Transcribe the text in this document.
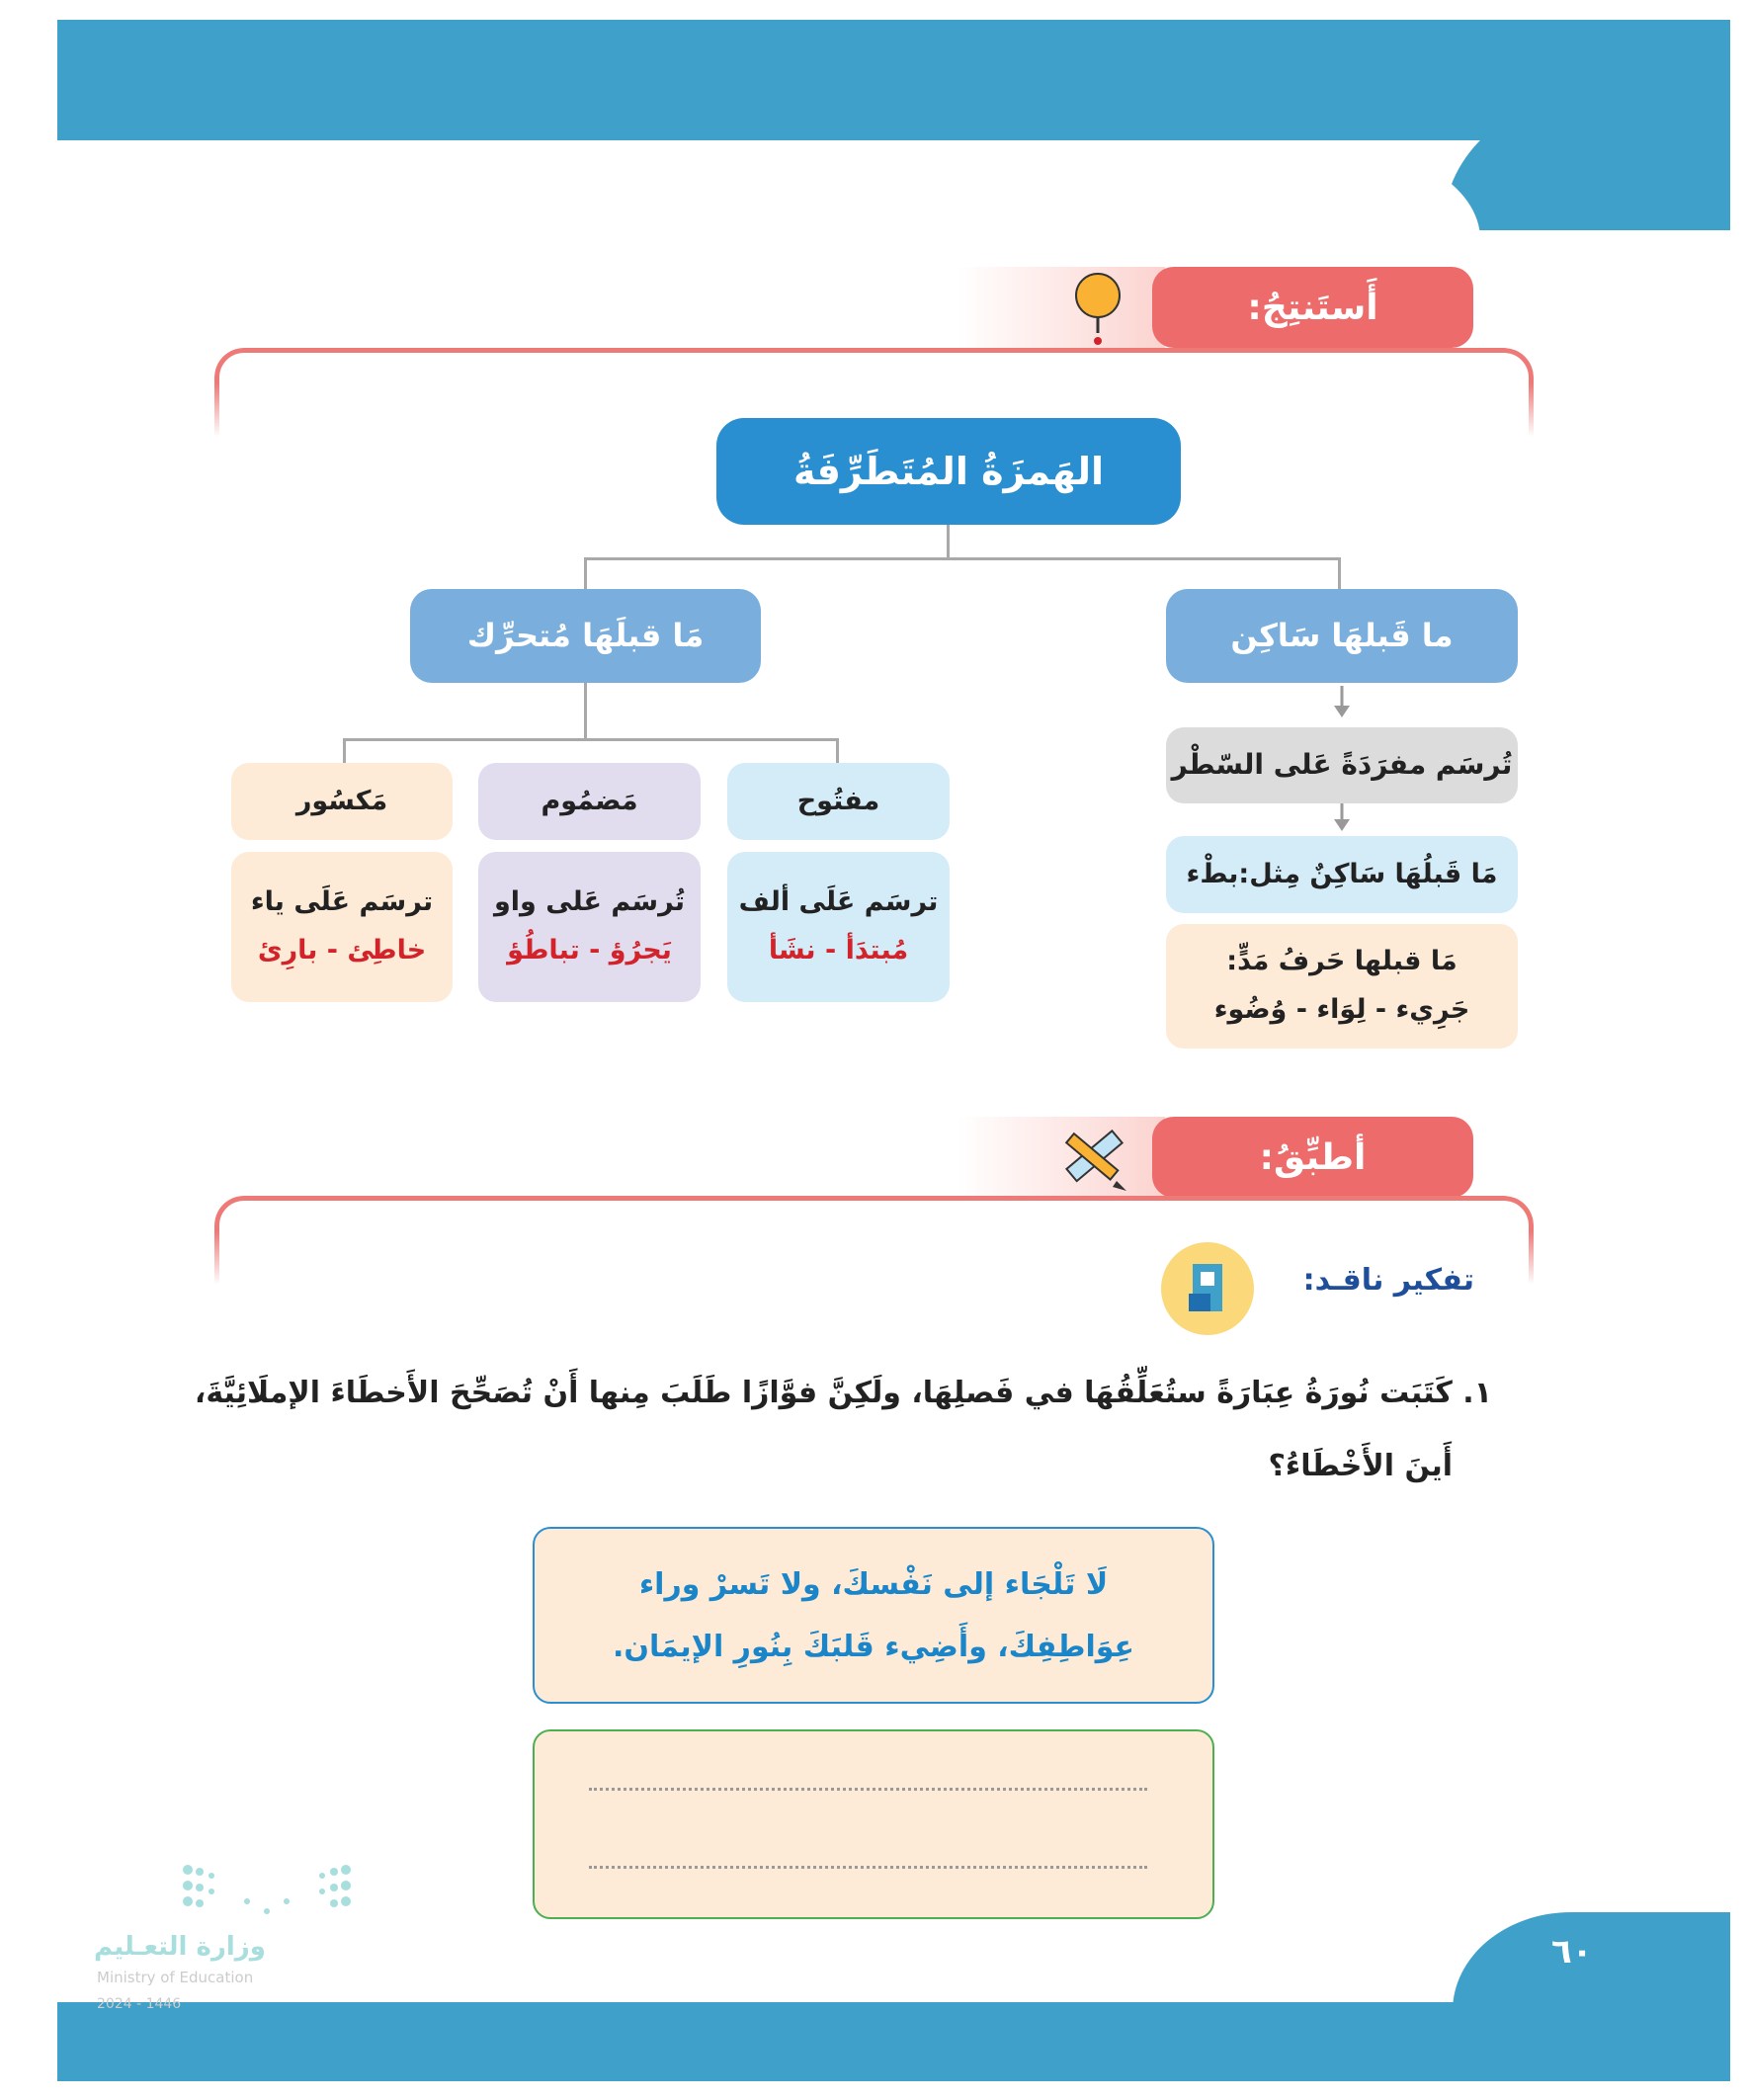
أَستَنتِجُ:
الهَمزَةُ المُتَطَرِّفَةُ
مَا قبلَهَا مُتحرِّك	ما قَبلهَا سَاكِن
مَكسُور	مَضمُوم	مفتُوح
ترسَم عَلَى ياء
خاطِئ - بارِئ
تُرسَم عَلى واو
يَجرُؤ - تباطُؤ
ترسَم عَلَى ألف
مُبتدَأ - نشَأ
تُرسَم مفرَدَةً عَلى السّطْر
مَا قَبلُهَا سَاكِنٌ مِثل:بطْء
مَا قبلها حَرفُ مَدٍّ:
جَرِيء - لِوَاء - وُضُوء
أطبِّقُ:
تفكير ناقـد:
١. كَتَبَت نُورَةُ عِبَارَةً ستُعَلِّقُهَا في فَصلِهَا، ولَكِنَّ فوَّازًا طَلَبَ مِنها أَنْ تُصَحِّحَ الأَخطَاءَ الإملَائِيَّةَ،
أَينَ الأَخْطَاءُ؟
لَا تَلْجَاء إلى نَفْسكَ، ولا تَسرْ وراء
عِوَاطِفِكَ، وأَضِيء قَلبَكَ بِنُورِ الإيمَان.
وزارة التعـليم
Ministry of Education
2024 - 1446
٦٠
